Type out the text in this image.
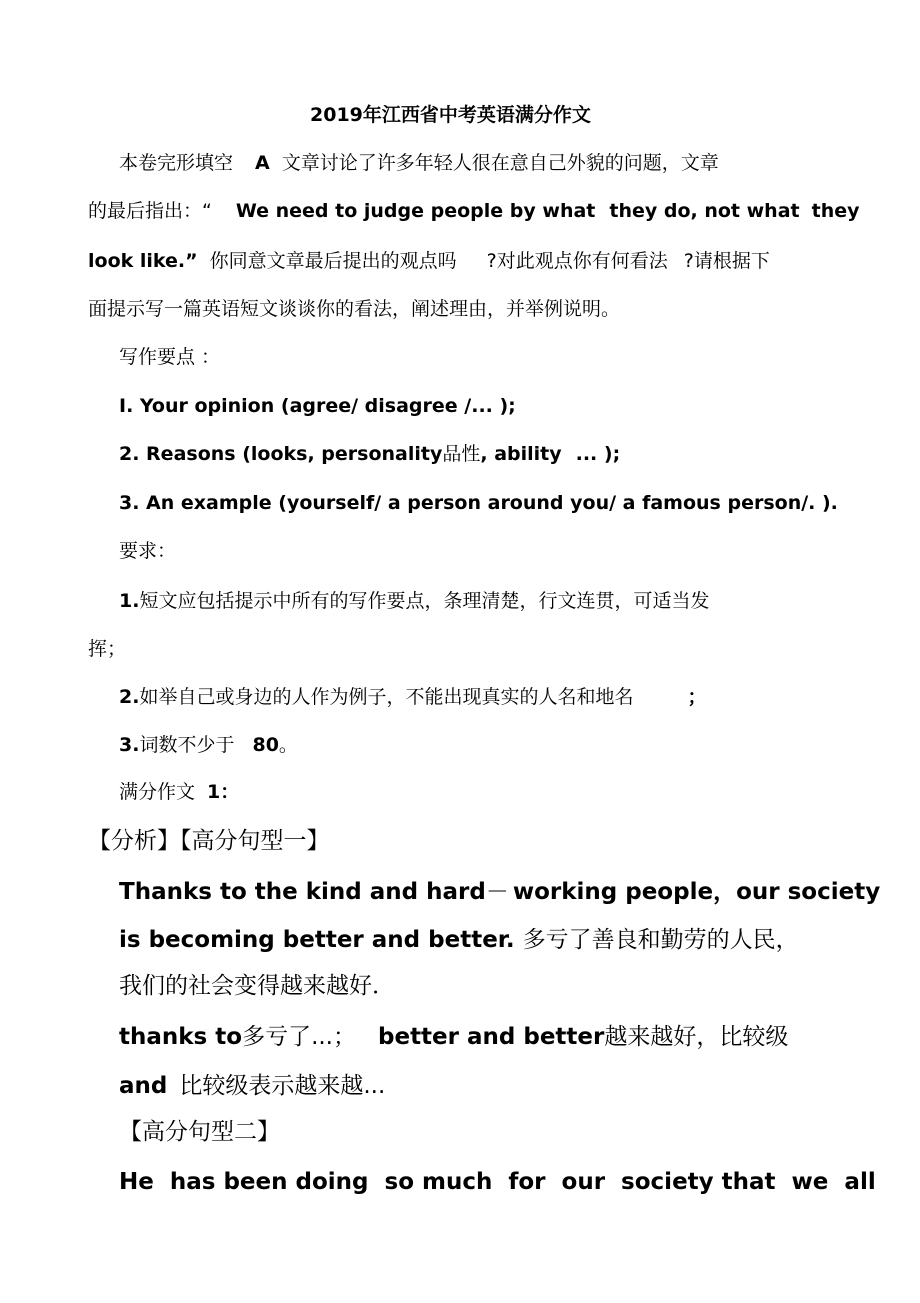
2019年江西省中考英语满分作文
本卷完形填空 A 文章讨论了许多年轻人很在意自己外貌的问题，文章
的最后指出：“ We need to judge people by what they do, not what they
look like.” 你同意文章最后提出的观点吗 ?对此观点你有何看法 ?请根据下
面提示写一篇英语短文谈谈你的看法，阐述理由，并举例说明。
写作要点 ：
I. Your opinion (agree/ disagree /... );
2. Reasons (looks, personality品性, ability ... );
3. An example (yourself/ a person around you/ a famous person/. ).
要求：
1.短文应包括提示中所有的写作要点，条理清楚，行文连贯，可适当发
挥；
2.如举自己或身边的人作为例子，不能出现真实的人名和地名	；
3.词数不少于 80。
满分作文 1：
【分析】【高分句型一】
Thanks to the kind and hard－ working people，our society
is becoming better and better. 多亏了善良和勤劳的人民，
我们的社会变得越来越好．
thanks to多亏了...； better and better越来越好，比较级
and 比较级表示越来越...
【高分句型二】
He  has been doing  so much  for  our  society that  we  all
